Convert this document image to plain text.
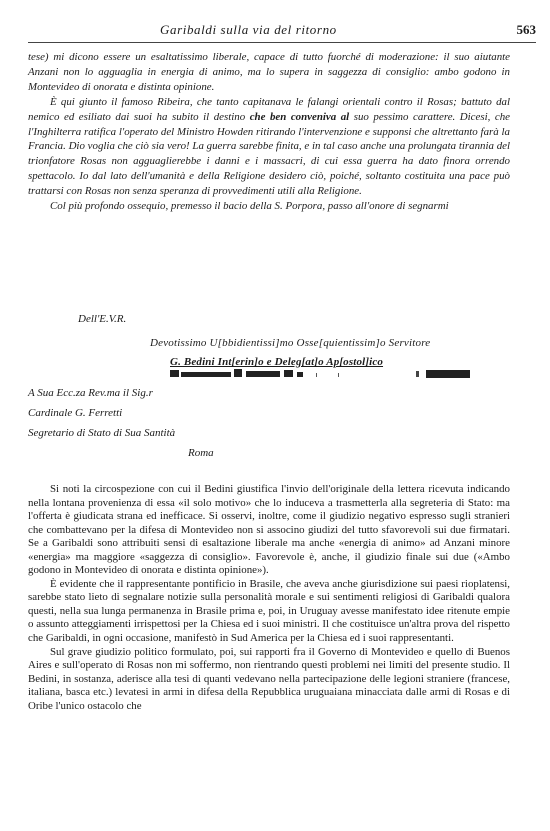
Garibaldi sulla via del ritorno	563

tese) mi dicono essere un esaltatissimo liberale, capace di tutto fuorché di moderazione: il suo aiutante Anzani non lo agguaglia in energia di animo, ma lo supera in saggezza di consiglio: ambo godono in Montevideo di onorata e distinta opinione.

È qui giunto il famoso Ribeira, che tanto capitanava le falangi orientali contro il Rosas; battuto dal nemico ed esiliato dai suoi ha subito il destino che ben conveniva al suo pessimo carattere. Dicesi, che l'Inghilterra ratifica l'operato del Ministro Howden ritirando l'intervenzione e supponsi che altrettanto farà la Francia. Dio voglia che ciò sia vero! La guerra sarebbe finita, e in tal caso anche una prolungata tirannia del trionfatore Rosas non agguaglierebbe i danni e i massacri, di cui essa guerra ha dato finora orrendo spettacolo. Io dal lato dell'umanità e della Religione desidero ciò, poiché, soltanto costituita una pace può trattarsi con Rosas non senza speranza di provvedimenti utili alla Religione.

Col più profondo ossequio, premesso il bacio della S. Porpora, passo all'onore di segnarmi

Dell'E.V.R.
Devotissimo U[bbidientissi]mo Osse[quientissim]o Servitore
G. Bedini Int[erin]o e Deleg[at]o Ap[ostol]ico
A Sua Ecc.za Rev.ma il Sig.r
Cardinale G. Ferretti
Segretario di Stato di Sua Santità
Roma

Si noti la circospezione con cui il Bedini giustifica l'invio dell'originale della lettera ricevuta indicando nella lontana provenienza di essa «il solo motivo» che lo induceva a trasmetterla alla segreteria di Stato: ma l'offerta è giudicata strana ed inefficace. Si osservi, inoltre, come il giudizio negativo espresso sugli stranieri che combattevano per la difesa di Montevideo non si associno giudizi del tutto sfavorevoli sui due firmatari. Se a Garibaldi sono attribuiti sensi di esaltazione liberale ma anche «energia di animo» ad Anzani minore «energia» ma maggiore «saggezza di consiglio». Favorevole è, anche, il giudizio finale sui due («Ambo godono in Montevideo di onorata e distinta opinione»).

È evidente che il rappresentante pontificio in Brasile, che aveva anche giurisdizione sui paesi rioplatensi, sarebbe stato lieto di segnalare notizie sulla personalità morale e sui sentimenti religiosi di Garibaldi qualora questi, nella sua lunga permanenza in Brasile prima e, poi, in Uruguay avesse manifestato idee ritenute empie o assunto atteggiamenti irrispettosi per la Chiesa ed i suoi ministri. Il che costituisce un'altra prova del rispetto che Garibaldi, in ogni occasione, manifestò in Sud America per la Chiesa ed i suoi rappresentanti.

Sul grave giudizio politico formulato, poi, sui rapporti fra il Governo di Montevideo e quello di Buenos Aires e sull'operato di Rosas non mi soffermo, non rientrando questi problemi nei limiti del presente studio. Il Bedini, in sostanza, aderisce alla tesi di quanti vedevano nella partecipazione delle legioni straniere (francese, italiana, basca etc.) levatesi in armi in difesa della Repubblica uruguaiana minacciata dalle armi di Rosas e di Oribe l'unico ostacolo che
